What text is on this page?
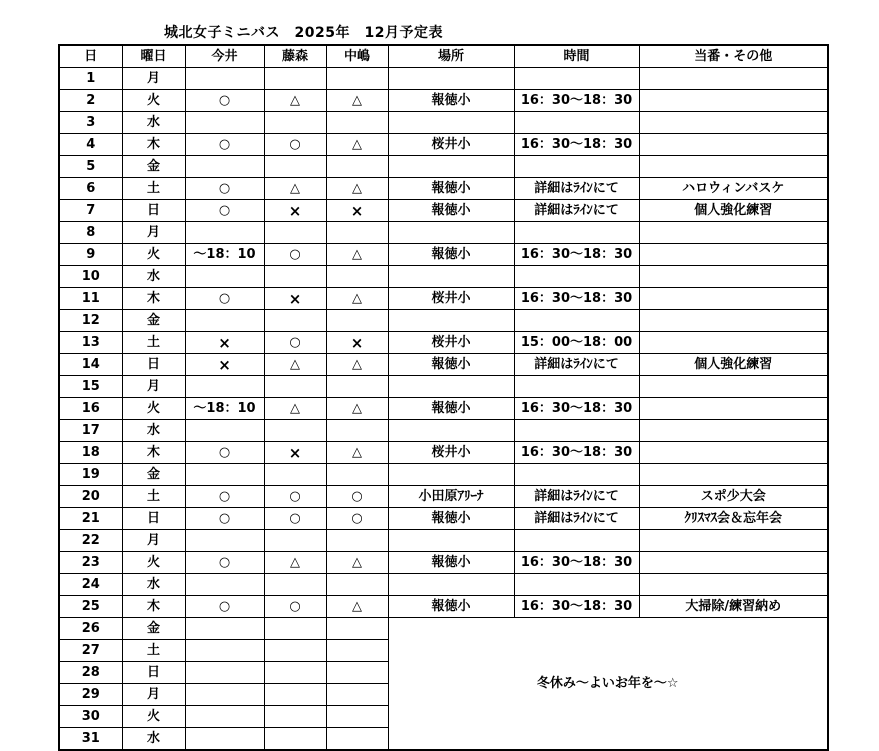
城北女子ミニバス　2025年　12月予定表
日	曜日	今井	藤森	中嶋	場所	時間	当番・その他
1	月						
2	火	○	△	△	報徳小	16：30〜18：30	
3	水						
4	木	○	○	△	桜井小	16：30〜18：30	
5	金						
6	土	○	△	△	報徳小	詳細はﾗｲﾝにて	ハロウィンバスケ
7	日	○	×	×	報徳小	詳細はﾗｲﾝにて	個人強化練習
8	月						
9	火	〜18：10	○	△	報徳小	16：30〜18：30	
10	水						
11	木	○	×	△	桜井小	16：30〜18：30	
12	金						
13	土	×	○	×	桜井小	15：00〜18：00	
14	日	×	△	△	報徳小	詳細はﾗｲﾝにて	個人強化練習
15	月						
16	火	〜18：10	△	△	報徳小	16：30〜18：30	
17	水						
18	木	○	×	△	桜井小	16：30〜18：30	
19	金						
20	土	○	○	○	小田原ｱﾘｰﾅ	詳細はﾗｲﾝにて	スポ少大会
21	日	○	○	○	報徳小	詳細はﾗｲﾝにて	ｸﾘｽﾏｽ会＆忘年会
22	月						
23	火	○	△	△	報徳小	16：30〜18：30	
24	水						
25	木	○	○	△	報徳小	16：30〜18：30	大掃除/練習納め
26	金				冬休み〜よいお年を〜☆		
27	土						
28	日						
29	月						
30	火						
31	水						
